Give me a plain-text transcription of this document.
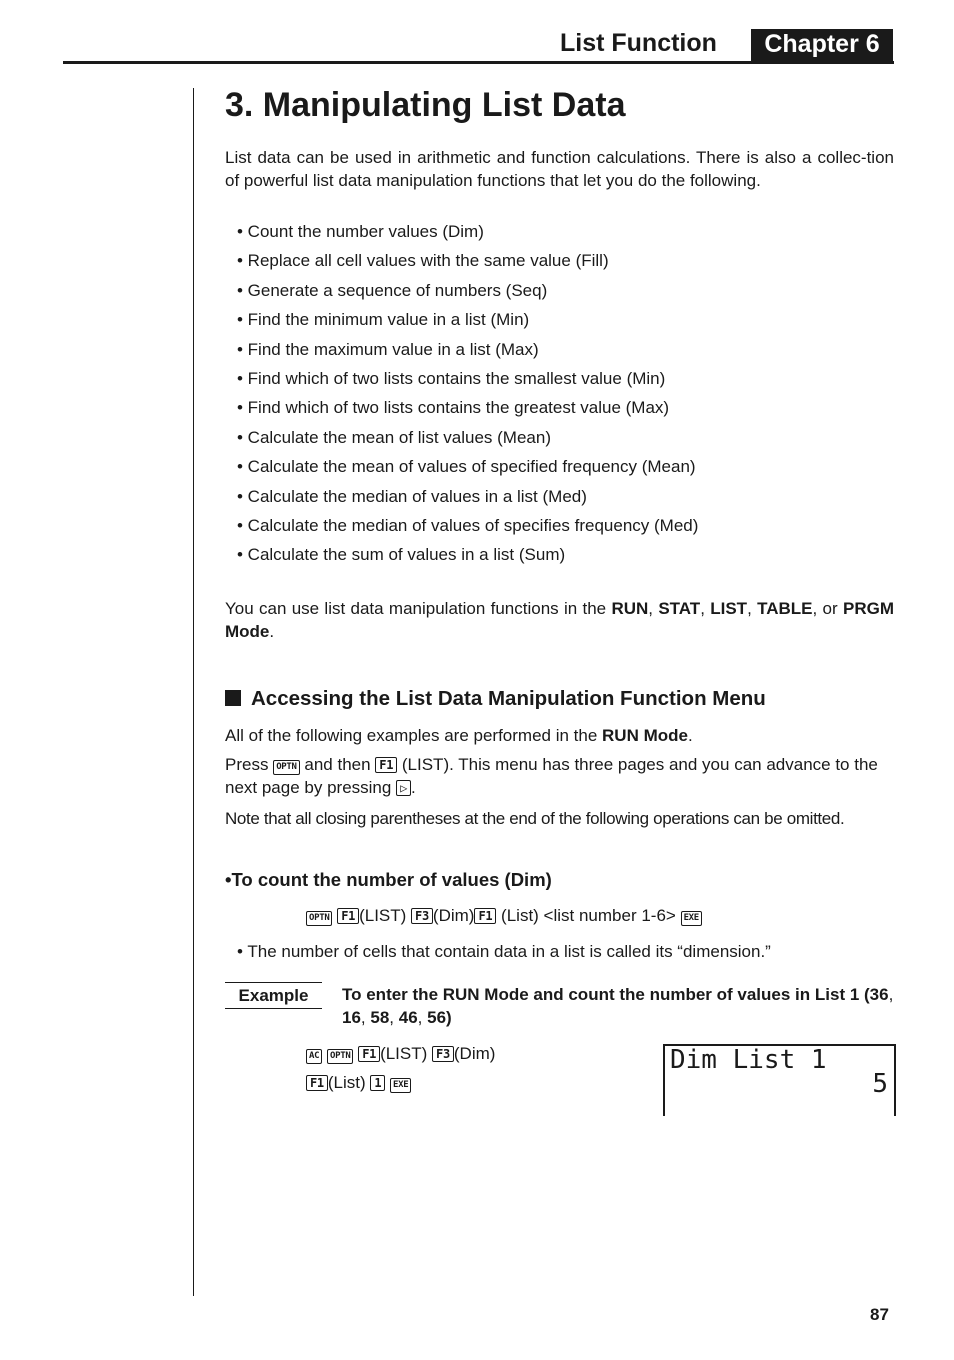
List Function	Chapter 6
3. Manipulating List Data

List data can be used in arithmetic and function calculations. There is also a collec-tion of powerful list data manipulation functions that let you do the following.

• Count the number values (Dim)
• Replace all cell values with the same value (Fill)
• Generate a sequence of numbers (Seq)
• Find the minimum value in a list (Min)
• Find the maximum value in a list (Max)
• Find which of two lists contains the smallest value (Min)
• Find which of two lists contains the greatest value (Max)
• Calculate the mean of list values (Mean)
• Calculate the mean of values of specified frequency (Mean)
• Calculate the median of values in a list (Med)
• Calculate the median of values of specifies frequency (Med)
• Calculate the sum of values in a list (Sum)

You can use list data manipulation functions in the RUN, STAT, LIST, TABLE, or PRGM Mode.

Accessing the List Data Manipulation Function Menu

All of the following examples are performed in the RUN Mode.

Press OPTN and then F1 (LIST). This menu has three pages and you can advance to the next page by pressing ▷ .

Note that all closing parentheses at the end of the following operations can be omitted.

•To count the number of values (Dim)
OPTN F1 (LIST) F3 (Dim) F1 (List) <list number 1-6> EXE

• The number of cells that contain data in a list is called its “dimension.”

Example	To enter the RUN Mode and count the number of values in List 1 (36, 16, 58, 46, 56)
AC OPTN F1 (LIST) F3 (Dim)
F1 (List) 1 EXE
Dim List 1
5
87
